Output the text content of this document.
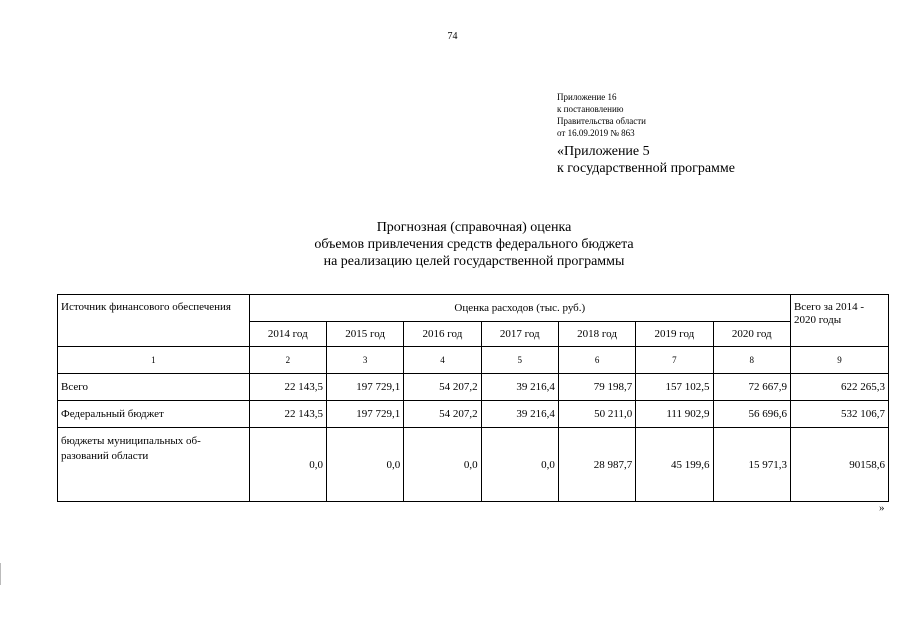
74
Приложение 16
к постановлению
Правительства области
от 16.09.2019 № 863
«Приложение 5
к государственной программе
Прогнозная (справочная) оценка
объемов привлечения средств федерального бюджета
на реализацию целей государственной программы
Источник финансового обеспечения	Оценка расходов (тыс. руб.)							Всего за 2014 - 2020 годы
	2014 год	2015 год	2016 год	2017 год	2018 год	2019 год	2020 год	
1	2	3	4	5	6	7	8	9
Всего	22 143,5	197 729,1	54 207,2	39 216,4	79 198,7	157 102,5	72 667,9	622 265,3
Федеральный бюджет	22 143,5	197 729,1	54 207,2	39 216,4	50 211,0	111 902,9	56 696,6	532 106,7
бюджеты муниципальных об-разований области	0,0	0,0	0,0	0,0	28 987,7	45 199,6	15 971,3	90158,6
»
